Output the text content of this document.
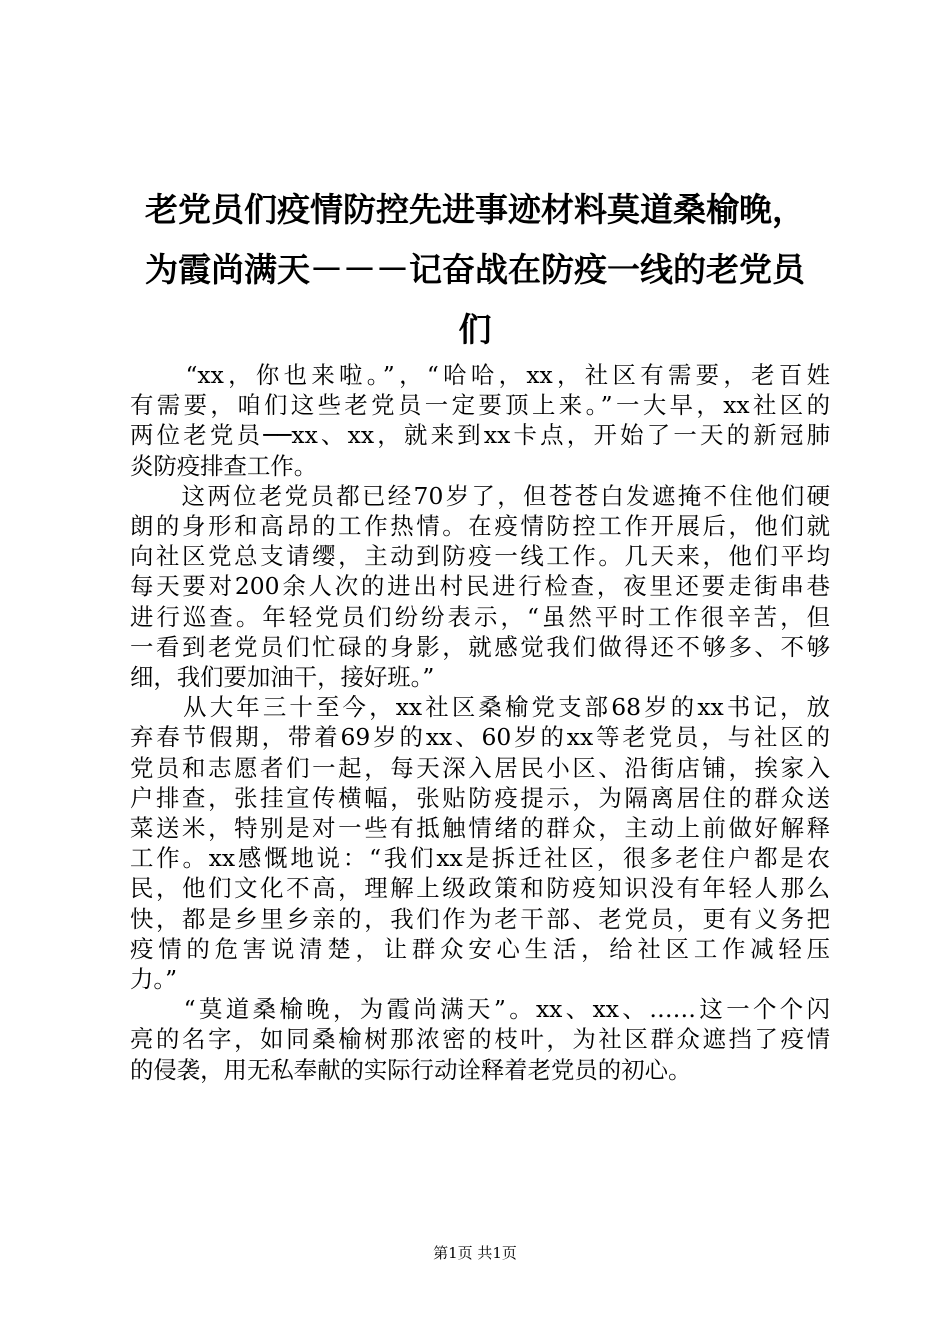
老党员们疫情防控先进事迹材料莫道桑榆晚，
为霞尚满天－－－记奋战在防疫一线的老党员
们

　　“xx，你也来啦。”，“哈哈，xx，社区有需要，老百姓
有需要，咱们这些老党员一定要顶上来。”一大早，xx社区的
两位老党员──xx、xx，就来到xx卡点，开始了一天的新冠肺
炎防疫排查工作。

　　这两位老党员都已经70岁了，但苍苍白发遮掩不住他们硬
朗的身形和高昂的工作热情。在疫情防控工作开展后，他们就
向社区党总支请缨，主动到防疫一线工作。几天来，他们平均
每天要对200余人次的进出村民进行检查，夜里还要走街串巷
进行巡查。年轻党员们纷纷表示，“虽然平时工作很辛苦，但
一看到老党员们忙碌的身影，就感觉我们做得还不够多、不够
细，我们要加油干，接好班。”

　　从大年三十至今，xx社区桑榆党支部68岁的xx书记，放
弃春节假期，带着69岁的xx、60岁的xx等老党员，与社区的
党员和志愿者们一起，每天深入居民小区、沿街店铺，挨家入
户排查，张挂宣传横幅，张贴防疫提示，为隔离居住的群众送
菜送米，特别是对一些有抵触情绪的群众，主动上前做好解释
工作。xx感慨地说：“我们xx是拆迁社区，很多老住户都是农
民，他们文化不高，理解上级政策和防疫知识没有年轻人那么
快，都是乡里乡亲的，我们作为老干部、老党员，更有义务把
疫情的危害说清楚，让群众安心生活，给社区工作减轻压
力。”

　　“莫道桑榆晚，为霞尚满天”。xx、xx、……这一个个闪
亮的名字，如同桑榆树那浓密的枝叶，为社区群众遮挡了疫情
的侵袭，用无私奉献的实际行动诠释着老党员的初心。

第1页 共1页
